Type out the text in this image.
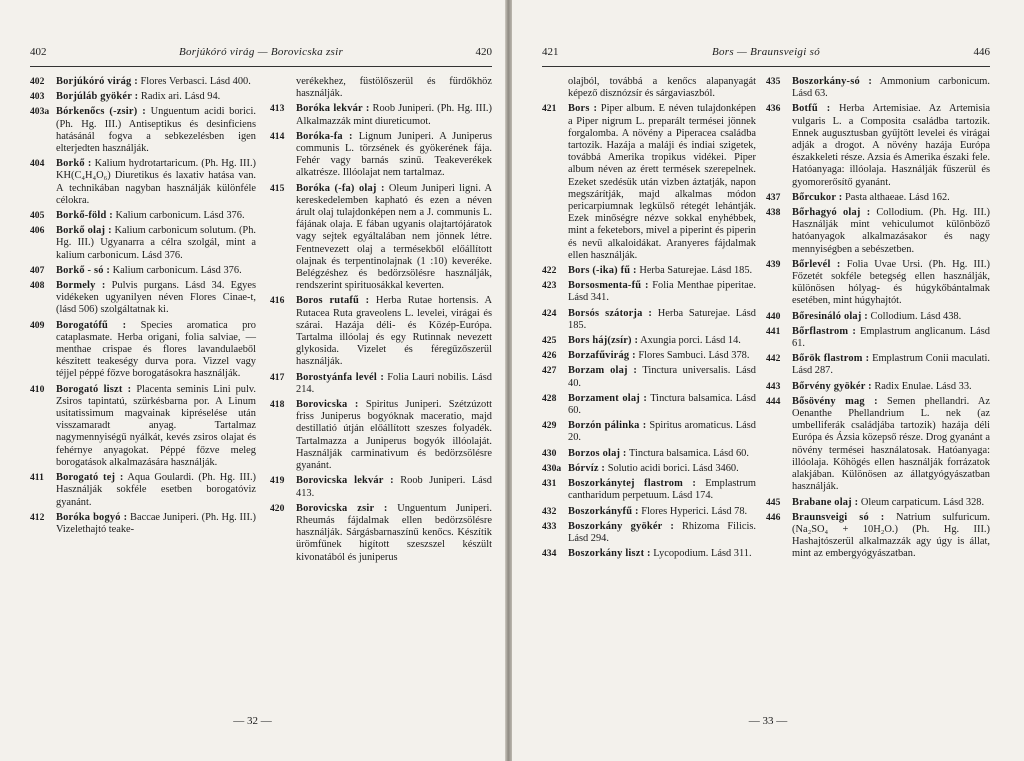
402	Borjúkóró virág — Borovicska zsir	420
402	Borjúkóró virág : Flores Verbasci. Lásd 400.
403	Borjúláb gyökér : Radix ari. Lásd 94.
403a Bórkenőcs (-zsir) : Unguentum acidi borici. (Ph. Hg. III.) Antiseptikus és desinficiens hatásánál fogva a sebkezelésben igen elterjedten használják.
404	Borkő : Kalium hydrotartaricum. (Ph. Hg. III.) KH(C₄H₄O₆) Diuretikus és laxativ hatása van. A technikában nagyban használják különféle célokra.
405	Borkő-föld : Kalium carbonicum. Lásd 376.
406	Borkő olaj : Kalium carbonicum solutum. (Ph. Hg. III.) Ugyanarra a célra szolgál, mint a kalium carbonicum. Lásd 376.
407	Borkő - só : Kalium carbonicum. Lásd 376.
408	Bormely : Pulvis purgans. Lásd 34. Egyes vidékeken ugyanilyen néven Flores Cinae-t, (lásd 506) szolgáltatnak ki.
409	Borogatófű : Species aromatica pro cataplasmate. Herba origani, folia salviae, — menthae crispae és flores lavandulaeből készitett teakeségy durva pora. Vizzel vagy téjjel péppé főzve borogatásokra használják.
410	Borogató liszt : Placenta seminis Lini pulv. Zsiros tapintatú, szürkésbarna por. A Linum usitatissimum magvainak kipréselése után visszamaradt anyag. Tartalmaz nagymennyiségű nyálkát, kevés zsiros olajat és fehérnye anyagokat. Péppé főzve meleg borogatások alkalmazására használják.
411	Borogató tej : Aqua Goulardi. (Ph. Hg. III.) Használják sokféle esetben borogatóviz gyanánt.
412	Boróka bogyó : Baccae Juniperi. (Ph. Hg. III.) Vizelethajtó teake-
verékekhez, füstölőszerül és fürdőkhöz használják.
413	Boróka lekvár : Roob Juniperi. (Ph. Hg. III.) Alkalmazzák mint diureticumot.
414	Boróka-fa : Lignum Juniperi. A Juniperus communis L. törzsének és gyökerének fája. Fehér vagy barnás szinű. Teakeverékek alkatrésze. Illóolajat nem tartalmaz.
415	Boróka (-fa) olaj : Oleum Juniperi ligni. A kereskedelemben kapható és ezen a néven árult olaj tulajdonképen nem a J. communis L. fájának olaja. E fában ugyanis olajtartójáratok vagy sejtek egyáltalában nem jönnek létre. Fentnevezett olaj a termésekből előállított olajnak és terpentinolajnak (1 :10) keveréke. Belégzéshez és bedörzsölésre használják, rendszerint spirituosákkal keverten.
416	Boros rutafű : Herba Rutae hortensis. A Rutacea Ruta graveolens L. levelei, virágai és szárai. Hazája déli- és Közép-Európa. Tartalma illóolaj és egy Rutinnak nevezett glykosida. Vizelet és féregűzőszerül használják.
417	Borostyánfa levél : Folia Lauri nobilis. Lásd 214.
418	Borovicska : Spiritus Juniperi. Szétzúzott friss Juniperus bogyóknak maceratio, majd destillatió útján előállított szeszes folyadék. Tartalmazza a Juniperus bogyók illóolaját. Használják carminativum és bedörzsölésre gyanánt.
419	Borovicska lekvár : Roob Juniperi. Lásd 413.
420	Borovicska zsir : Unguentum Juniperi. Rheumás fájdalmak ellen bedörzsölésre használják. Sárgásbarnaszínű kenőcs. Készítik ürömfűnek higított szeszszel készült kivonatából és juniperus
— 32 —
421	Bors — Braunsveigi só	446
olajból, továbbá a kenőcs alapanyagát képező disznózsír és sárgaviaszból.
421	Bors : Piper album. E néven tulajdonképen a Piper nigrum L. preparált termései jönnek forgalomba. A növény a Piperacea családba tartozik. Hazája a maláji és indiai szigetek, továbbá Amerika tropikus vidékei. Piper album néven az érett termések szerepelnek. Ezeket szedésük után vizben áztatják, napon megszárítják, majd alkalmas módon pericarpiumnak legkülső rétegét lehántják. Ezek minőségre nézve sokkal enyhébbek, mint a feketebors, mivel a piperint és piperin és nevű alkaloidákat. Aranyeres fájdalmak ellen használják.
422	Bors (-ika) fű : Herba Saturejae. Lásd 185.
423	Borsosmenta-fű : Folia Menthae piperitae. Lásd 341.
424	Borsós szátorja : Herba Saturejae. Lásd 185.
425	Bors háj(zsír) : Axungia porci. Lásd 14.
426	Borzafűvirág : Flores Sambuci. Lásd 378.
427	Borzam olaj : Tinctura universalis. Lásd 40.
428	Borzament olaj : Tinctura balsamica. Lásd 60.
429	Borzón pálinka : Spiritus aromaticus. Lásd 20.
430	Borzos olaj : Tinctura balsamica. Lásd 60.
430a Bórvíz : Solutio acidi borici. Lásd 3460.
431	Boszorkánytej flastrom : Emplastrum cantharidum perpetuum. Lásd 174.
432	Boszorkányfű : Flores Hyperici. Lásd 78.
433	Boszorkány gyökér : Rhizoma Filicis. Lásd 294.
434	Boszorkány liszt : Lycopodium. Lásd 311.
435	Boszorkány-só : Ammonium carbonicum. Lásd 63.
436	Botfű : Herba Artemisiae. Az Artemisia vulgaris L. a Composita családba tartozik. Ennek augusztusban gyűjtött levelei és virágai adják a drogot. A növény hazája Európa északkeleti része. Azsia és Amerika északi fele. Hatóanyaga: illóolaja. Használják fűszerül és gyomorerősítő gyanánt.
437	Bőrcukor : Pasta althaeae. Lásd 162.
438	Bőrhagyó olaj : Collodium. (Ph. Hg. III.) Használják mint vehiculumot különböző hatóanyagok alkalmazásakor és nagy mennyiségben a sebészetben.
439	Bőrlevél : Folia Uvae Ursi. (Ph. Hg. III.) Főzetét sokféle betegség ellen használják, különösen hólyag- és húgykőbántalmak esetében, mint húgyhajtót.
440	Bőresináló olaj : Collodium. Lásd 438.
441	Bőrflastrom : Emplastrum anglicanum. Lásd 61.
442	Bőrök flastrom : Emplastrum Conii maculati. Lásd 287.
443	Bőrvény gyökér : Radix Enulae. Lásd 33.
444	Bősövény mag : Semen phellandri. Az Oenanthe Phellandrium L. nek (az umbelliferák családjába tartozik) hazája déli Európa és Ázsia közepső része. Drog gyanánt a növény termései használatosak. Hatóanyaga: illóolaja. Köhögés ellen használják forrázatok alakjában. Különösen az állatgyógyászatban használják.
445	Brabane olaj : Oleum carpaticum. Lásd 328.
446	Braunsveigi só : Natrium sulfuricum. (Na₂SO₄ + 10H₂O.) (Ph. Hg. III.) Hashajtószerül alkalmazzák agy úgy is állat, mint az embergyógyászatban.
— 33 —
